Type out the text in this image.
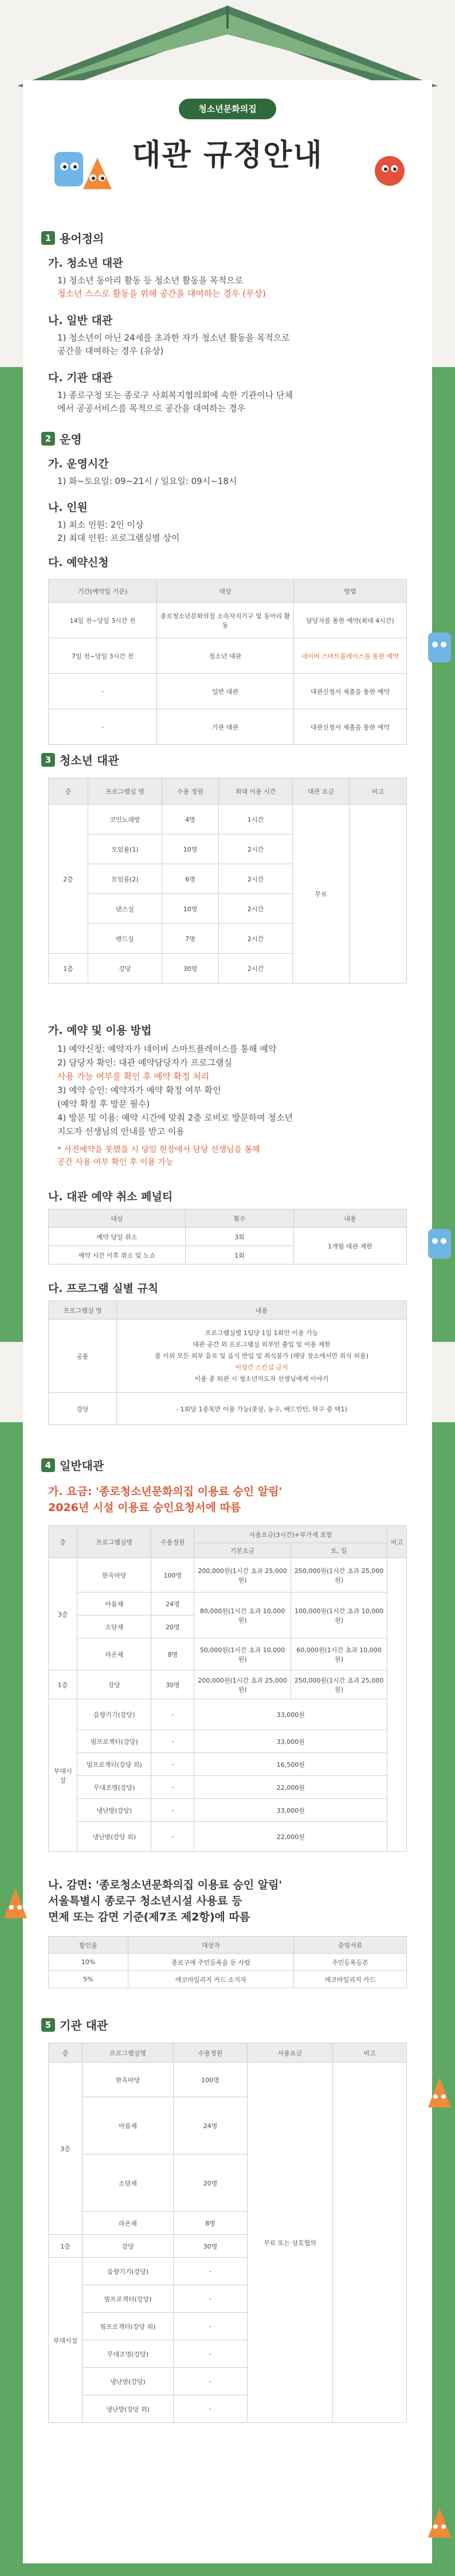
청소년문화의집
대관 규정안내
1 용어정의
가. 청소년 대관
1) 청소년 동아리 활동 등 청소년 활동을 목적으로
청소년 스스로 활동을 위해 공간을 대여하는 경우 (무상)
나. 일반 대관
1) 청소년이 아닌 24세를 초과한 자가 청소년 활동을 목적으로
공간을 대여하는 경우 (유상)
다. 기관 대관
1) 종로구청 또는 종로구 사회복지협의회에 속한 기관이나 단체
에서 공공서비스를 목적으로 공간을 대여하는 경우
2 운영
가. 운영시간
1) 화~토요일: 09~21시 / 일요일: 09시~18시
나. 인원
1) 최소 인원: 2인 이상
2) 최대 인원: 프로그램실별 상이
다. 예약신청
기간(예약일 기준)	대상	방법
14일 전~당일 3시간 전	종로청소년문화의집 소속자치기구 및 동아리 활동	담당자를 통한 예약(최대 4시간)
7일 전~당일 3시간 전	청소년 대관	네이버 스마트플레이스를 통한 예약
-	일반 대관	대관신청서 제출을 통한 예약
-	기관 대관	대관신청서 제출을 통한 예약
3 청소년 대관
층	프로그램실 명	수용 정원	최대 이용 시간	대관 요금	비고
2층	코인노래방	4명	1시간	무료	
	모임룸(1)	10명	2시간		
	모임룸(2)	6명	2시간		
	댄스실	10명	2시간		
	밴드실	7명	2시간		
1층	강당	30명	2시간		
가. 예약 및 이용 방법
1) 예약신청: 예약자가 네이버 스마트플레이스를 통해 예약
2) 담당자 확인: 대관 예약담당자가 프로그램실
사용 가능 여부를 확인 후 예약 확정 처리
3) 예약 승인: 예약자가 예약 확정 여부 확인
(예약 확정 후 방문 필수)
4) 방문 및 이용: 예약 시간에 맞춰 2층 로비로 방문하여 청소년
지도자 선생님의 안내를 받고 이용
* 사전예약을 못했을 시 당일 현장에서 담당 선생님을 통해
공간 사용 여부 확인 후 이용 가능
나. 대관 예약 취소 페널티
대상	횟수	내용
예약 당일 취소	3회	1개월 대관 제한
예약 시간 이후 취소 및 노쇼	1회	
다. 프로그램 실별 규칙
프로그램실 명	내용
공통	프로그램실별 1팀당 1일 1회만 이용 가능
대관 공간 외 프로그램실 외부인 출입 및 이용 제한
물 이외 모든 외부 음료 및 음식 반입 및 취식불가 (해당 장소에서만 취식 허용)
이성간 스킨십 금지
이용 종 퇴관 시 청소년지도자 선생님에게 이야기

강당	- 1회당 1종목만 이용 가능(풋살, 농구, 배드민턴, 탁구 중 택1)
4 일반대관
가. 요금: '종로청소년문화의집 이용료 승인 알림'
2026년 시설 이용료 승인요청서에 따름
층	프로그램실명	수용정원	사용요금(3시간)+부가세 포함		비고
			기본요금	토, 일	
3층	한옥마당	100명	200,000원(1시간 초과 25,000원)	250,000원(1시간 초과 25,000원)	
	아름채	24명	80,000원(1시간 초과 10,000원)	100,000원(1시간 초과 10,000원)	
	소담채	20명			
	라온채	8명	50,000원(1시간 초과 10,000원)	60,000원(1시간 초과 10,000원)	
1층	강당	30명	200,000원(1시간 초과 25,000원)	250,000원(1시간 초과 25,000원)	
부대시설	음향기기(강당)	-	33,000원		
	빔프로젝터(강당)	-	33,000원		
	빔프로젝터(강당 외)	-	16,500원		
	무대조명(강당)	-	22,000원		
	냉난방(강당)	-	33,000원		
	냉난방(강당 외)	-	22,000원		
나. 감면: '종로청소년문화의집 이용료 승인 알림'
서울특별시 종로구 청소년시설 사용료 등
면제 또는 감면 기준(제7조 제2항)에 따름
할인율	대상자	증빙서류
10%	종로구에 주민등록을 둔 사람	주민등록등본
5%	에코마일리지 카드 소지자	에코마일리지 카드
5 기관 대관
층	프로그램실명	수용정원	사용요금	비고
3층	한옥마당	100명	무료 또는 상호협의	
	아름채	24명		
	소담채	20명		
	라온채	8명		
1층	강당	30명		
부대시설	음향기기(강당)	-		
	빔프로젝터(강당)	-		
	빔프로젝터(강당 외)	-		
	무대조명(강당)	-		
	냉난방(강당)	-		
	냉난방(강당 외)	-		
